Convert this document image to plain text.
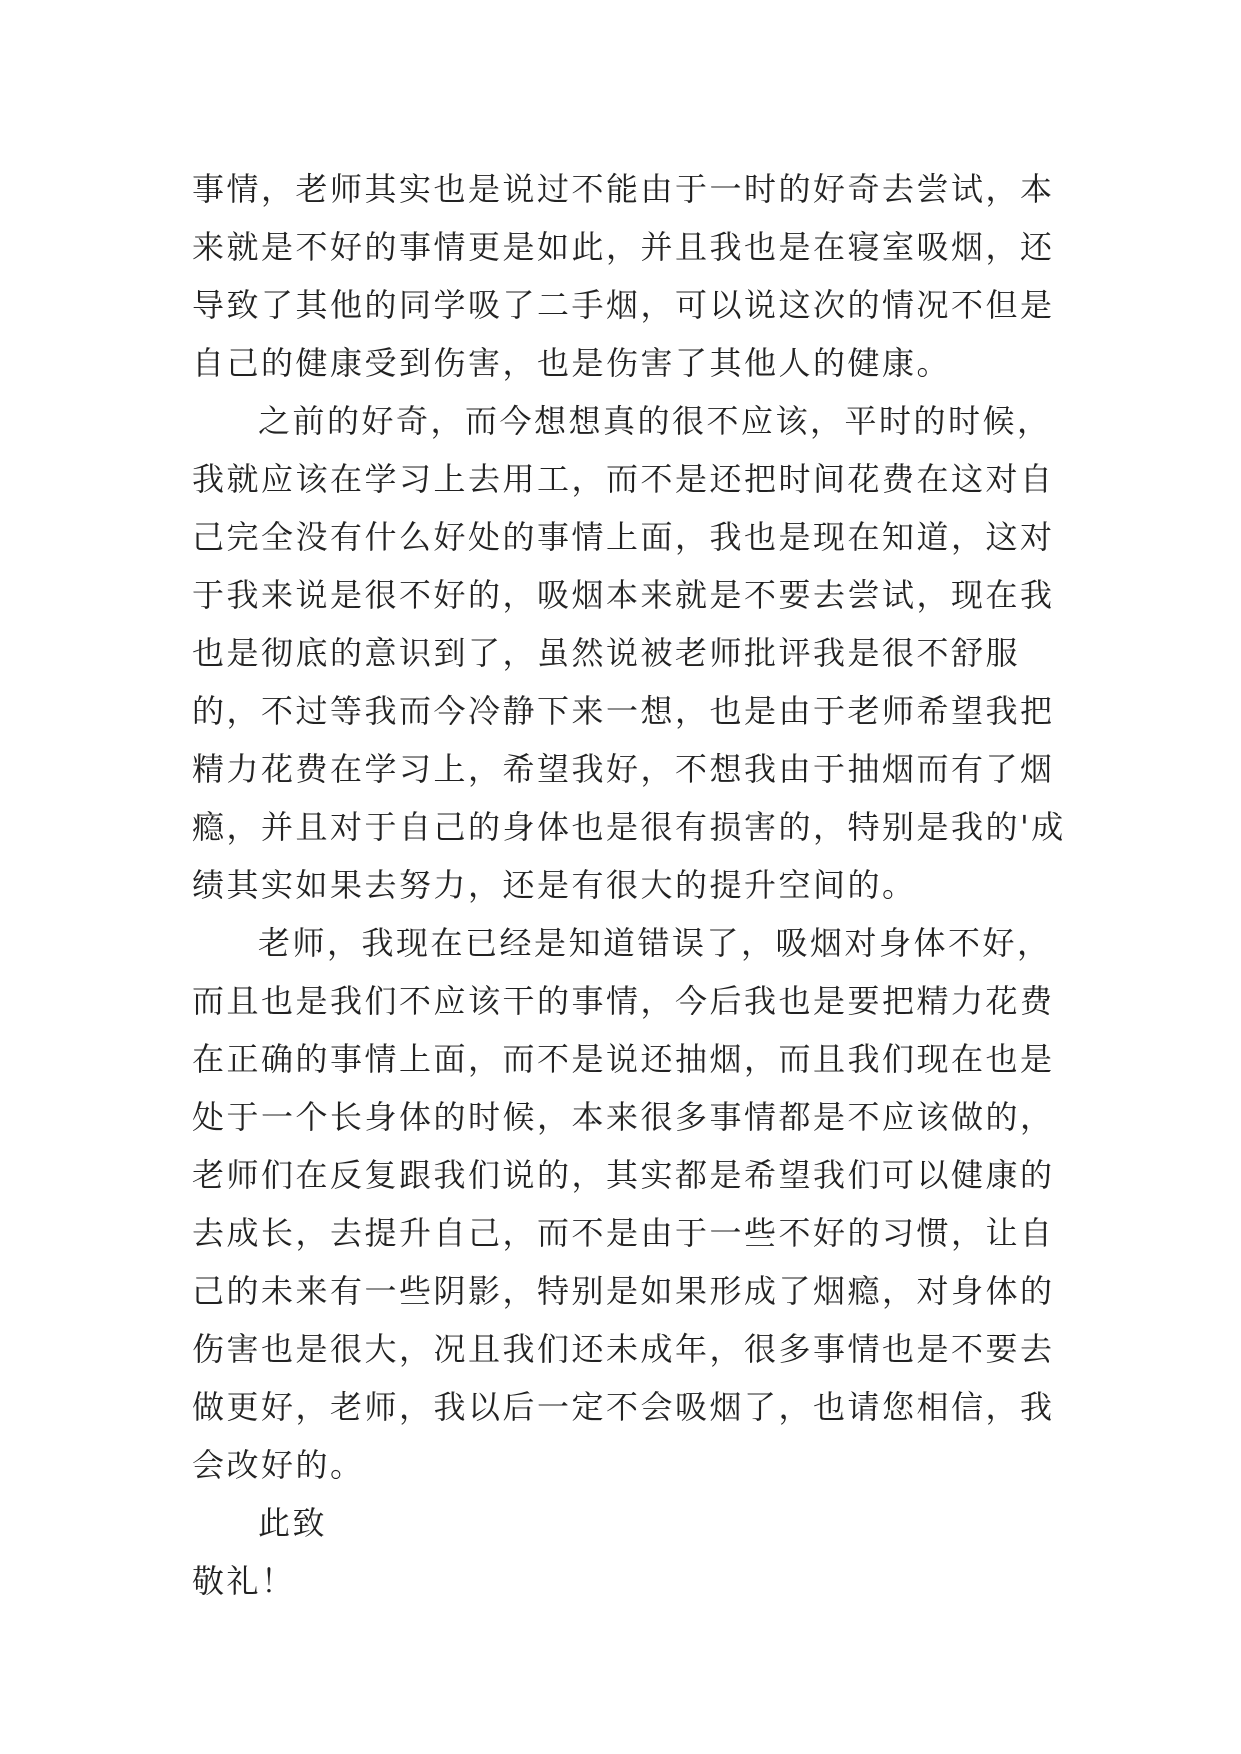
事情，老师其实也是说过不能由于一时的好奇去尝试，本来就是不好的事情更是如此，并且我也是在寝室吸烟，还导致了其他的同学吸了二手烟，可以说这次的情况不但是自己的健康受到伤害，也是伤害了其他人的健康。

之前的好奇，而今想想真的很不应该，平时的时候，我就应该在学习上去用工，而不是还把时间花费在这对自己完全没有什么好处的事情上面，我也是现在知道，这对于我来说是很不好的，吸烟本来就是不要去尝试，现在我也是彻底的意识到了，虽然说被老师批评我是很不舒服的，不过等我而今冷静下来一想，也是由于老师希望我把精力花费在学习上，希望我好，不想我由于抽烟而有了烟瘾，并且对于自己的身体也是很有损害的，特别是我的'成绩其实如果去努力，还是有很大的提升空间的。

老师，我现在已经是知道错误了，吸烟对身体不好，而且也是我们不应该干的事情，今后我也是要把精力花费在正确的事情上面，而不是说还抽烟，而且我们现在也是处于一个长身体的时候，本来很多事情都是不应该做的，老师们在反复跟我们说的，其实都是希望我们可以健康的去成长，去提升自己，而不是由于一些不好的习惯，让自己的未来有一些阴影，特别是如果形成了烟瘾，对身体的伤害也是很大，况且我们还未成年，很多事情也是不要去做更好，老师，我以后一定不会吸烟了，也请您相信，我会改好的。

此致

敬礼！
